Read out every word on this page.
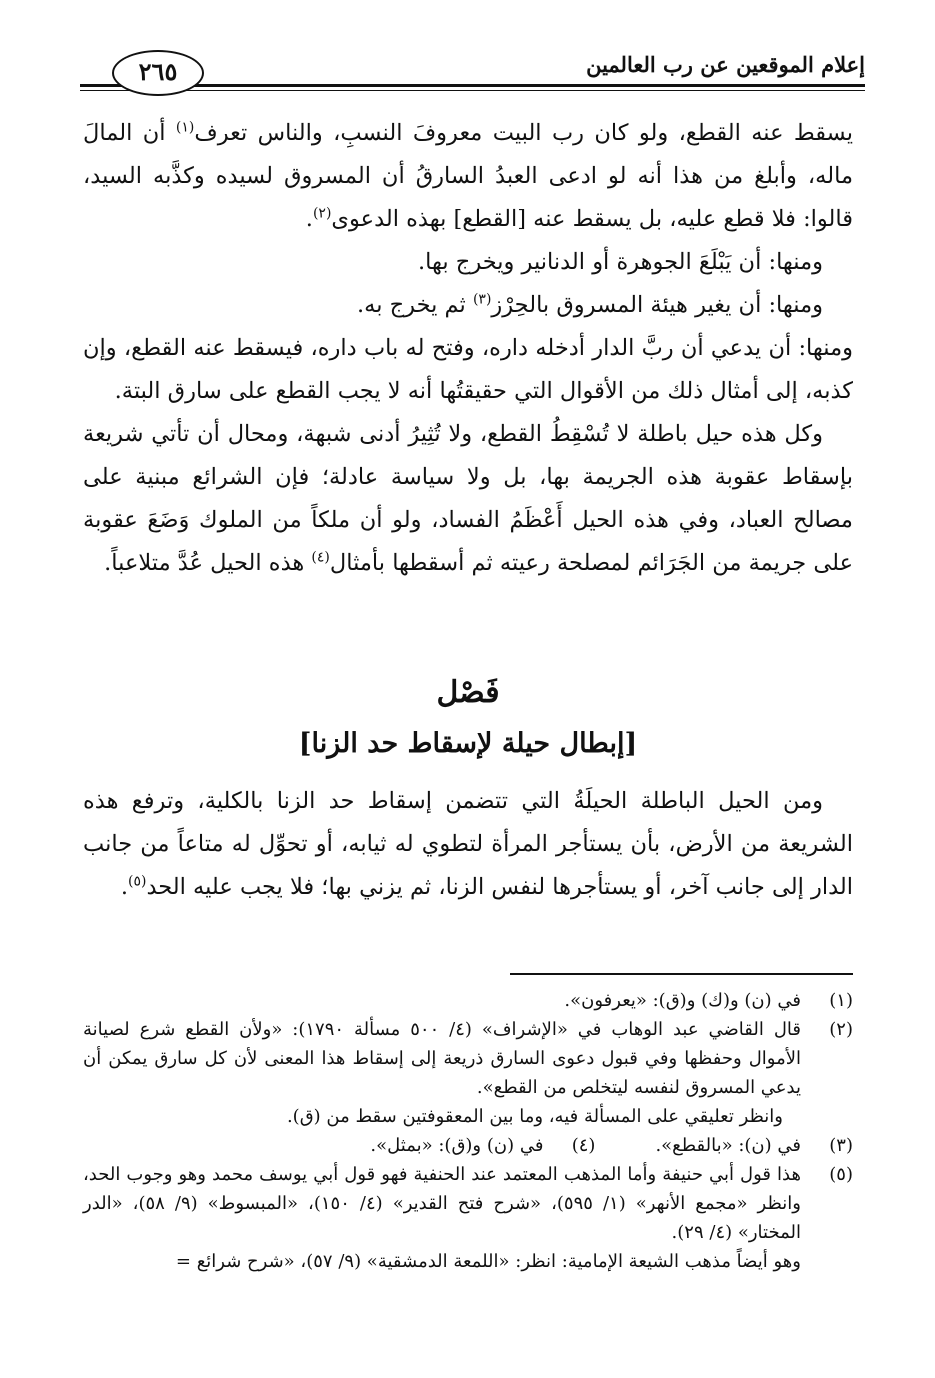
إعلام الموقعين عن رب العالمين
٢٦٥

يسقط عنه القطع، ولو كان رب البيت معروفَ النسبِ، والناس تعرف$^{(١)}$ أن المالَ ماله، وأبلغ من هذا أنه لو ادعى العبدُ السارقُ أن المسروق لسيده وكذَّبه السيد، قالوا: فلا قطع عليه، بل يسقط عنه [القطع] بهذه الدعوى$^{(٢)}$.

ومنها: أن يَبْلَعَ الجوهرة أو الدنانير ويخرج بها.

ومنها: أن يغير هيئة المسروق بالحِرْز$^{(٣)}$ ثم يخرج به.

ومنها: أن يدعي أن ربَّ الدار أدخله داره، وفتح له باب داره، فيسقط عنه القطع، وإن كذبه، إلى أمثال ذلك من الأقوال التي حقيقتُها أنه لا يجب القطع على سارق البتة.

وكل هذه حيل باطلة لا تُسْقِطُ القطع، ولا تُثِيرُ أدنى شبهة، ومحال أن تأتي شريعة بإسقاط عقوبة هذه الجريمة بها، بل ولا سياسة عادلة؛ فإن الشرائع مبنية على مصالح العباد، وفي هذه الحيل أَعْظَمُ الفساد، ولو أن ملكاً من الملوك وَضَعَ عقوبة على جريمة من الجَرَائم لمصلحة رعيته ثم أسقطها بأمثال$^{(٤)}$ هذه الحيل عُدَّ متلاعباً.

فَصْل
[إبطال حيلة لإسقاط حد الزنا]

ومن الحيل الباطلة الحيلَةُ التي تتضمن إسقاط حد الزنا بالكلية، وترفع هذه الشريعة من الأرض، بأن يستأجر المرأة لتطوي له ثيابه، أو تحوِّل له متاعاً من جانب الدار إلى جانب آخر، أو يستأجرها لنفس الزنا، ثم يزني بها؛ فلا يجب عليه الحد$^{(٥)}$.

(١)
في (ن) و(ك) و(ق): «يعرفون».
(٢)
قال القاضي عبد الوهاب في «الإشراف» (٤/ ٥٠٠ مسألة ١٧٩٠): «ولأن القطع شرع لصيانة الأموال وحفظها وفي قبول دعوى السارق ذريعة إلى إسقاط هذا المعنى لأن كل سارق يمكن أن يدعي المسروق لنفسه ليتخلص من القطع».
وانظر تعليقي على المسألة فيه، وما بين المعقوفتين سقط من (ق).
(٣)
في (ن): «بالقطع».
(٤)
في (ن) و(ق): «بمثل».
(٥)
هذا قول أبي حنيفة وأما المذهب المعتمد عند الحنفية فهو قول أبي يوسف محمد وهو وجوب الحد، وانظر «مجمع الأنهر» (١/ ٥٩٥)، «شرح فتح القدير» (٤/ ١٥٠)، «المبسوط» (٩/ ٥٨)، «الدر المختار» (٤/ ٢٩).
وهو أيضاً مذهب الشيعة الإمامية: انظر: «اللمعة الدمشقية» (٩/ ٥٧)، «شرح شرائع =
